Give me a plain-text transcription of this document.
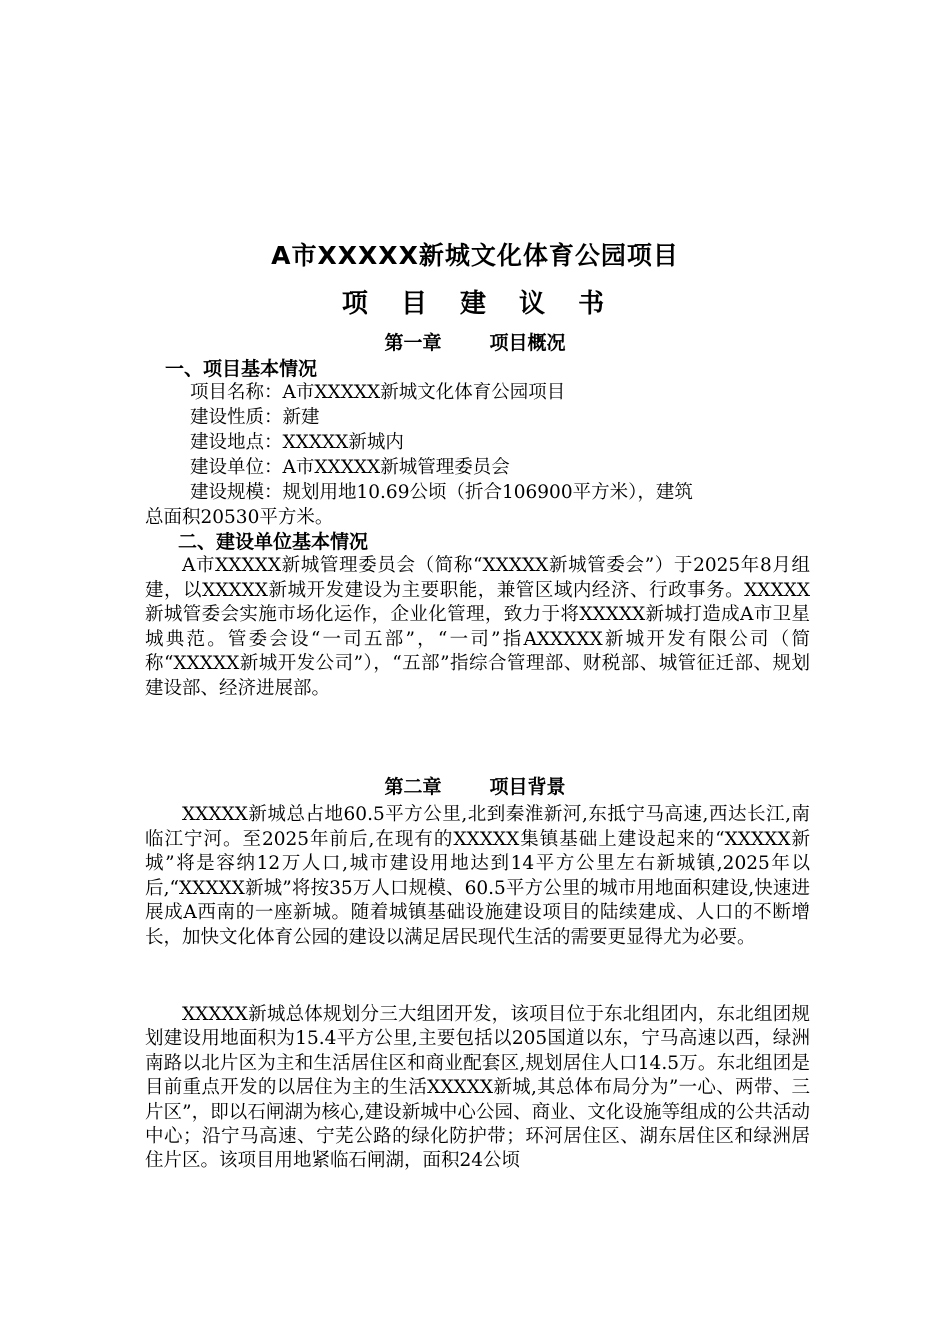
A市XXXXX新城文化体育公园项目
项 目 建 议 书
第一章	项目概况
一、项目基本情况
项目名称：A市XXXXX新城文化体育公园项目
建设性质：新建
建设地点：XXXXX新城内
建设单位：A市XXXXX新城管理委员会
建设规模：规划用地10.69公顷（折合106900平方米），建筑
总面积20530平方米。
二、建设单位基本情况
A市XXXXX新城管理委员会（简称“XXXXX新城管委会”）于2025年8月组建，以XXXXX新城开发建设为主要职能，兼管区域内经济、行政事务。XXXXX新城管委会实施市场化运作，企业化管理，致力于将XXXXX新城打造成A市卫星城典范。管委会设“一司五部”，“一司”指AXXXXX新城开发有限公司（简称“XXXXX新城开发公司”），“五部”指综合管理部、财税部、城管征迁部、规划建设部、经济进展部。
第二章	项目背景
XXXXX新城总占地60.5平方公里,北到秦淮新河,东抵宁马高速,西达长江,南临江宁河。至2025年前后,在现有的XXXXX集镇基础上建设起来的“XXXXX新城”将是容纳12万人口,城市建设用地达到14平方公里左右新城镇,2025年以后,“XXXXX新城”将按35万人口规模、60.5平方公里的城市用地面积建设,快速进展成A西南的一座新城。随着城镇基础设施建设项目的陆续建成、人口的不断增长，加快文化体育公园的建设以满足居民现代生活的需要更显得尤为必要。
XXXXX新城总体规划分三大组团开发，该项目位于东北组团内，东北组团规划建设用地面积为15.4平方公里,主要包括以205国道以东，宁马高速以西，绿洲南路以北片区为主和生活居住区和商业配套区,规划居住人口14.5万。东北组团是目前重点开发的以居住为主的生活XXXXX新城,其总体布局分为”一心、两带、三片区”，即以石闸湖为核心,建设新城中心公园、商业、文化设施等组成的公共活动中心；沿宁马高速、宁芜公路的绿化防护带；环河居住区、湖东居住区和绿洲居住片区。该项目用地紧临石闸湖，面积24公顷
